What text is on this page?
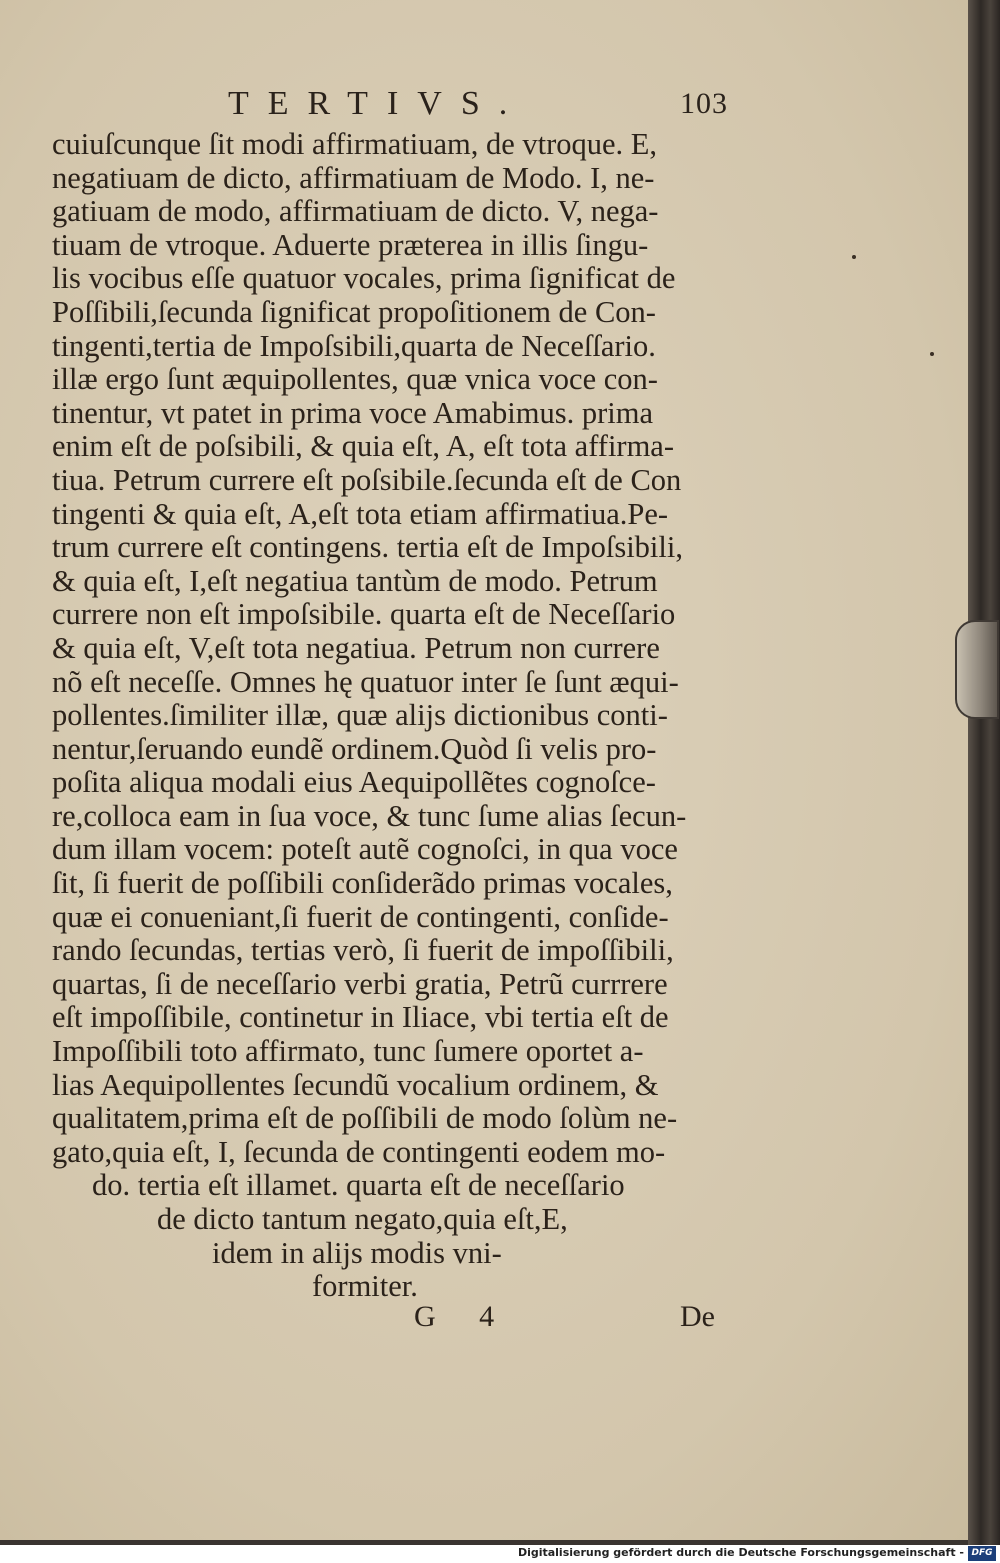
TERTIVS.	103
cuiuſcunque ſit modi affirmatiuam, de vtroque. E,
negatiuam de dicto, affirmatiuam de Modo. I, ne-
gatiuam de modo, affirmatiuam de dicto. V, nega-
tiuam de vtroque. Aduerte præterea in illis ſingu-
lis vocibus eſſe quatuor vocales, prima ſignificat de
Poſſibili,ſecunda ſignificat propoſitionem de Con-
tingenti,tertia de Impoſsibili,quarta de Neceſſario.
illæ ergo ſunt æquipollentes, quæ vnica voce con-
tinentur, vt patet in prima voce Amabimus. prima
enim eſt de poſsibili, & quia eſt, A, eſt tota affirma-
tiua. Petrum currere eſt poſsibile.ſecunda eſt de Con
tingenti & quia eſt, A,eſt tota etiam affirmatiua.Pe-
trum currere eſt contingens. tertia eſt de Impoſsibili,
& quia eſt, I,eſt negatiua tantùm de modo. Petrum
currere non eſt impoſsibile. quarta eſt de Neceſſario
& quia eſt, V,eſt tota negatiua. Petrum non currere
nõ eſt neceſſe. Omnes hę quatuor inter ſe ſunt æqui-
pollentes.ſimiliter illæ, quæ alijs dictionibus conti-
nentur,ſeruando eundẽ ordinem.Quòd ſi velis pro-
poſita aliqua modali eius Aequipollẽtes cognoſce-
re,colloca eam in ſua voce, & tunc ſume alias ſecun-
dum illam vocem: poteſt autẽ cognoſci, in qua voce
ſit, ſi fuerit de poſſibili conſiderãdo primas vocales,
quæ ei conueniant,ſi fuerit de contingenti, conſide-
rando ſecundas, tertias verò, ſi fuerit de impoſſibili,
quartas, ſi de neceſſario verbi gratia, Petrũ currrere
eſt impoſſibile, continetur in Iliace, vbi tertia eſt de
Impoſſibili toto affirmato, tunc ſumere oportet a-
lias Aequipollentes ſecundũ vocalium ordinem, &
qualitatem,prima eſt de poſſibili de modo ſolùm ne-
gato,quia eſt, I, ſecunda de contingenti eodem mo-
do. tertia eſt illamet. quarta eſt de neceſſario
de dicto tantum negato,quia eſt,E,
idem in alijs modis vni-
formiter.
G 4	De
Digitalisierung gefördert durch die Deutsche Forschungsgemeinschaft - DFG
